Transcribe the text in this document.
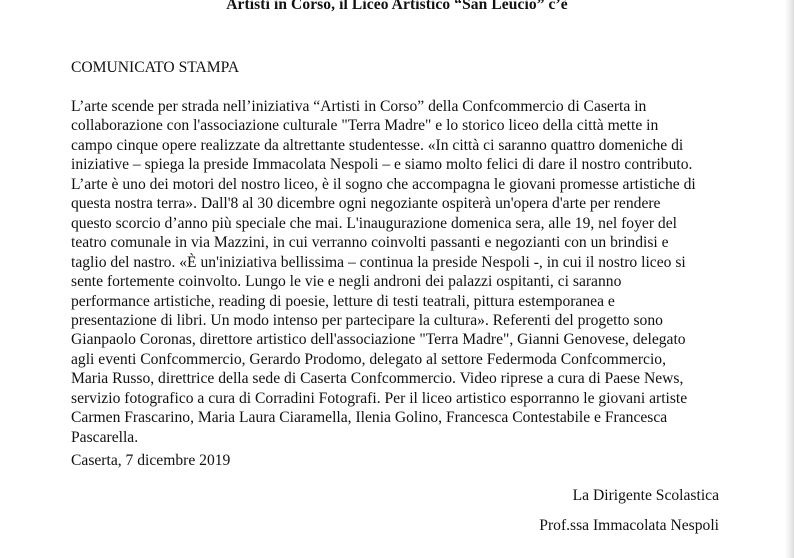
Artisti in Corso, il Liceo Artistico “San Leucio” c’è
COMUNICATO STAMPA
L’arte scende per strada nell’iniziativa “Artisti in Corso” della Confcommercio di Caserta in
collaborazione con l'associazione culturale "Terra Madre" e lo storico liceo della città mette in
campo cinque opere realizzate da altrettante studentesse. «In città ci saranno quattro domeniche di
iniziative – spiega la preside Immacolata Nespoli – e siamo molto felici di dare il nostro contributo.
L’arte è uno dei motori del nostro liceo, è il sogno che accompagna le giovani promesse artistiche di
questa nostra terra». Dall'8 al 30 dicembre ogni negoziante ospiterà un'opera d'arte per rendere
questo scorcio d’anno più speciale che mai. L'inaugurazione domenica sera, alle 19, nel foyer del
teatro comunale in via Mazzini, in cui verranno coinvolti passanti e negozianti con un brindisi e
taglio del nastro. «È un'iniziativa bellissima – continua la preside Nespoli -, in cui il nostro liceo si
sente fortemente coinvolto. Lungo le vie e negli androni dei palazzi ospitanti, ci saranno
performance artistiche, reading di poesie, letture di testi teatrali, pittura estemporanea e
presentazione di libri. Un modo intenso per partecipare la cultura». Referenti del progetto sono
Gianpaolo Coronas, direttore artistico dell'associazione "Terra Madre", Gianni Genovese, delegato
agli eventi Confcommercio, Gerardo Prodomo, delegato al settore Federmoda Confcommercio,
Maria Russo, direttrice della sede di Caserta Confcommercio. Video riprese a cura di Paese News,
servizio fotografico a cura di Corradini Fotografi. Per il liceo artistico esporranno le giovani artiste
Carmen Frascarino, Maria Laura Ciaramella, Ilenia Golino, Francesca Contestabile e Francesca
Pascarella.
Caserta, 7 dicembre 2019
La Dirigente Scolastica
Prof.ssa Immacolata Nespoli
